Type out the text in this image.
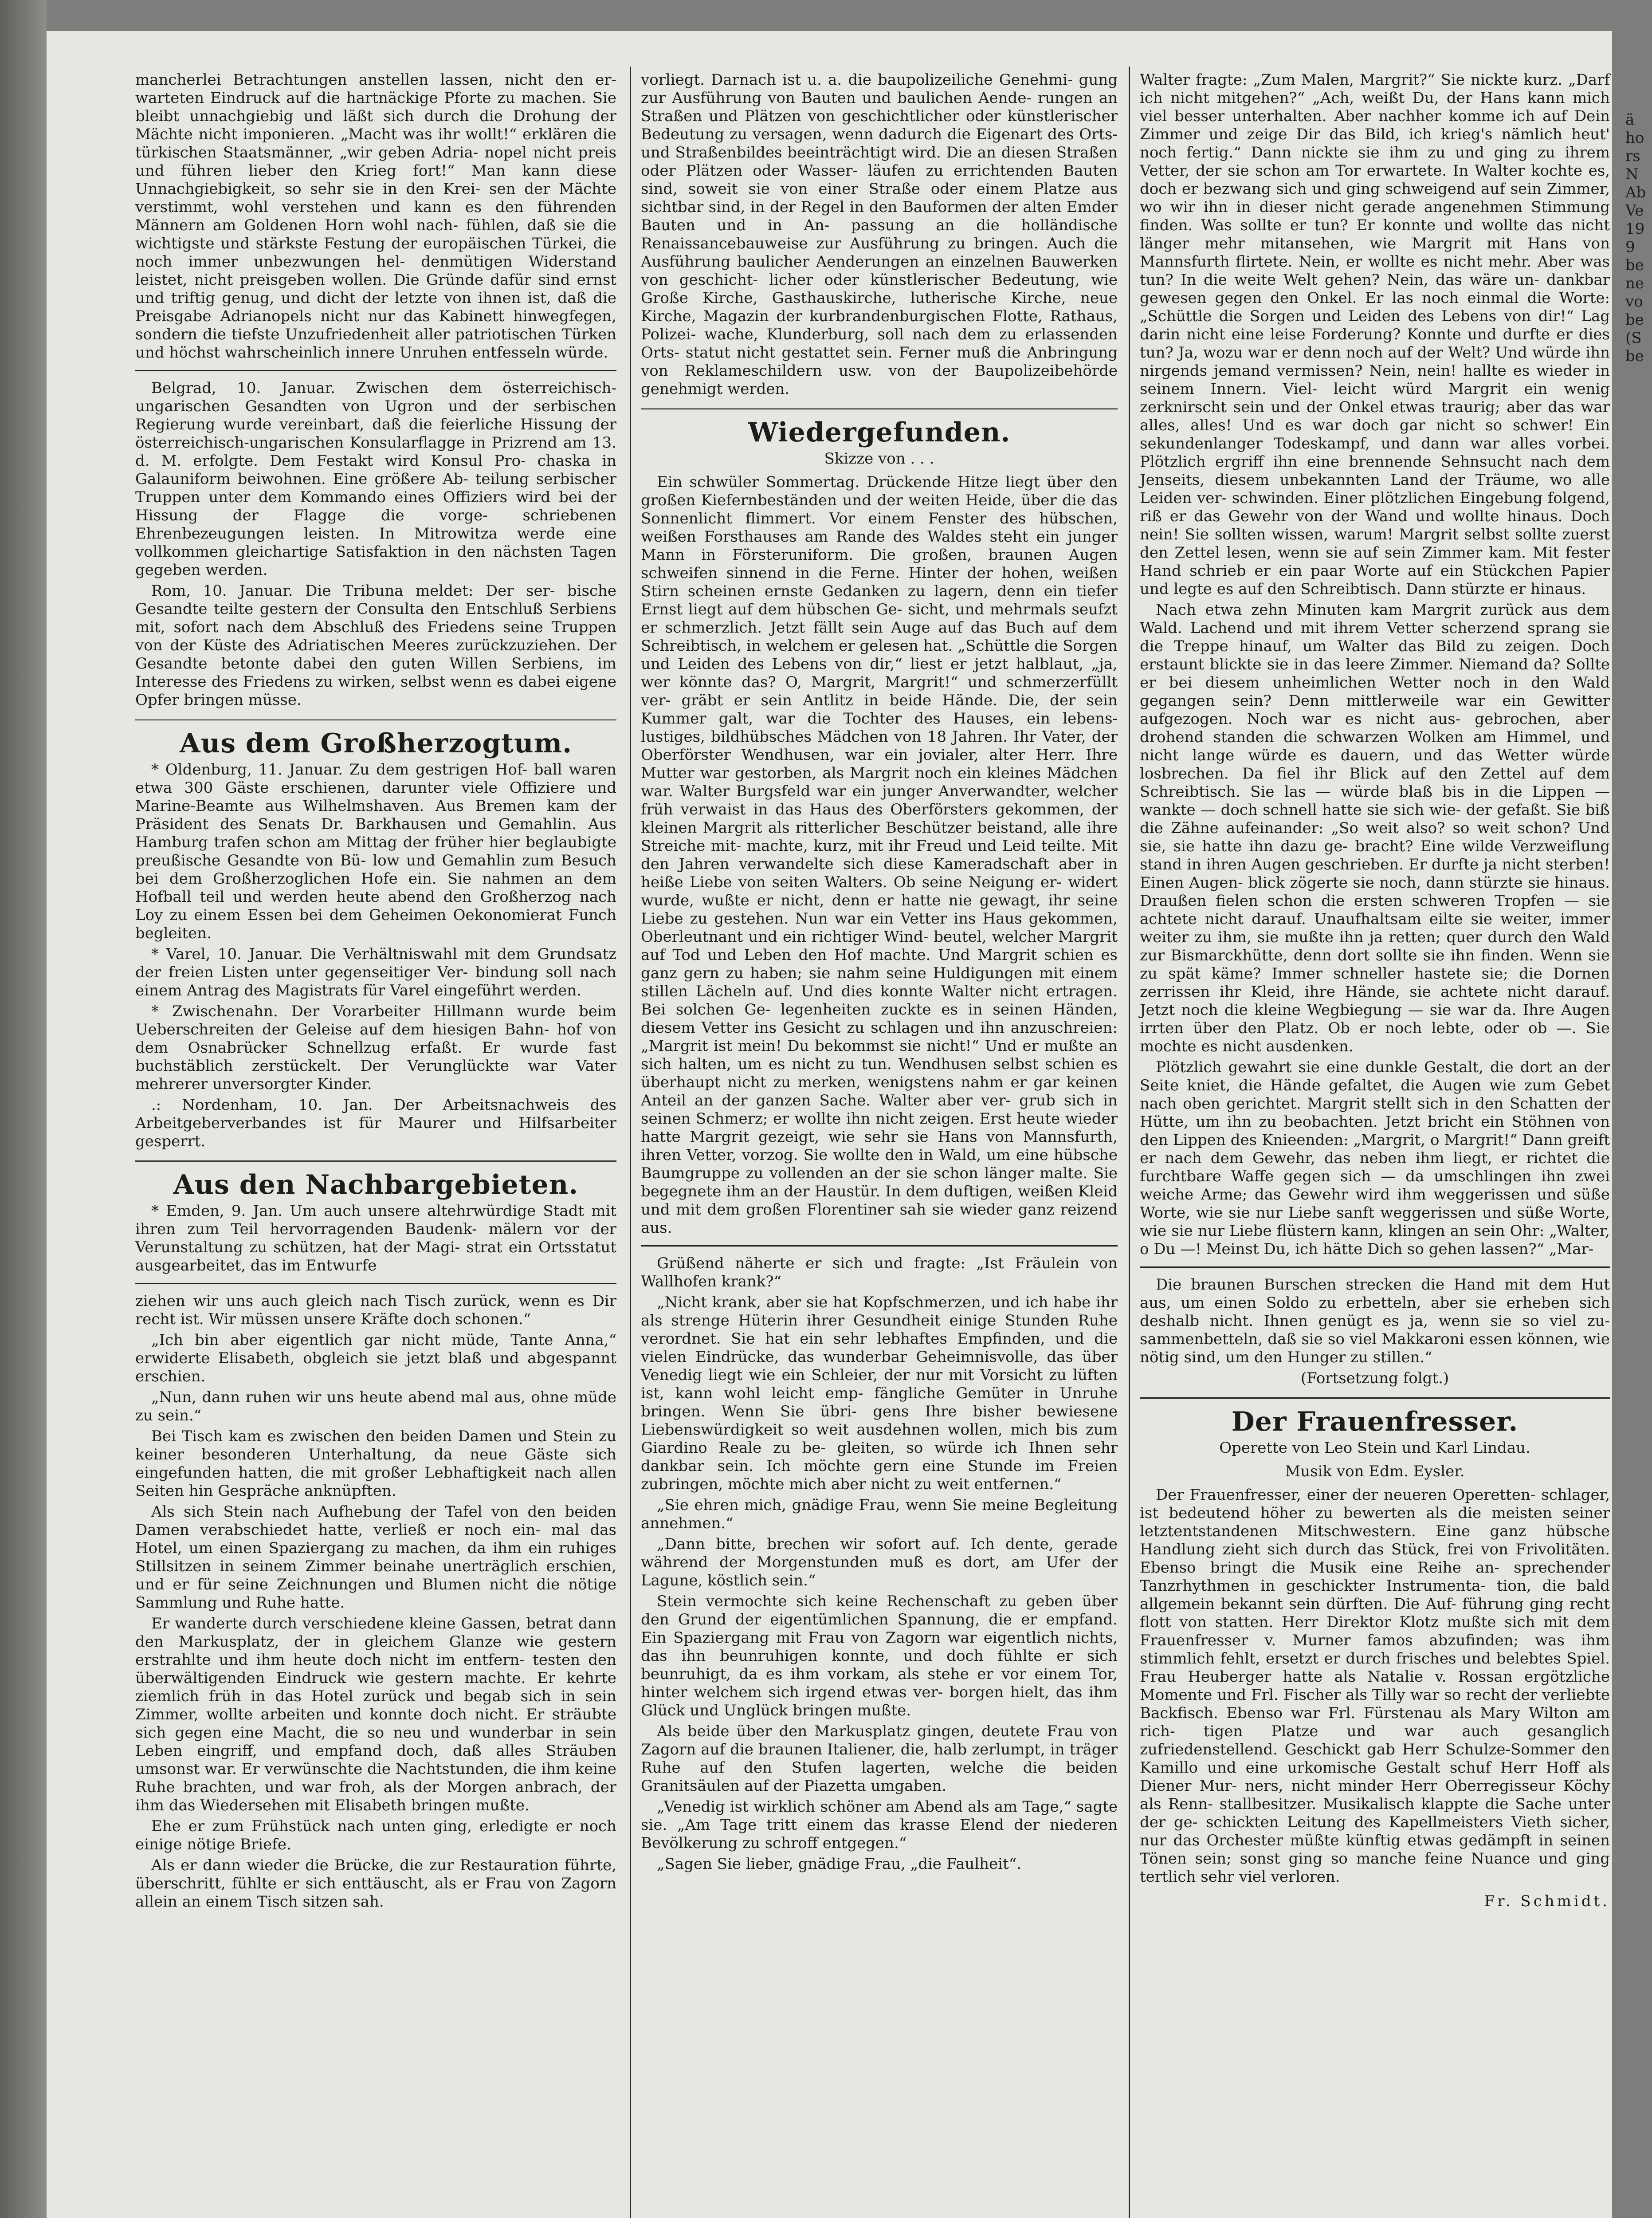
mancherlei Betrachtungen anstellen lassen, nicht den er- warteten Eindruck auf die hartnäckige Pforte zu machen. Sie bleibt unnachgiebig und läßt sich durch die Drohung der Mächte nicht imponieren. „Macht was ihr wollt!“ erklären die türkischen Staatsmänner, „wir geben Adria- nopel nicht preis und führen lieber den Krieg fort!“ Man kann diese Unnachgiebigkeit, so sehr sie in den Krei- sen der Mächte verstimmt, wohl verstehen und kann es den führenden Männern am Goldenen Horn wohl nach- fühlen, daß sie die wichtigste und stärkste Festung der europäischen Türkei, die noch immer unbezwungen hel- denmütigen Widerstand leistet, nicht preisgeben wollen. Die Gründe dafür sind ernst und triftig genug, und dicht der letzte von ihnen ist, daß die Preisgabe Adrianopels nicht nur das Kabinett hinwegfegen, sondern die tiefste Unzufriedenheit aller patriotischen Türken und höchst wahrscheinlich innere Unruhen entfesseln würde.

Belgrad, 10. Januar. Zwischen dem österreichisch- ungarischen Gesandten von Ugron und der serbischen Regierung wurde vereinbart, daß die feierliche Hissung der österreichisch-ungarischen Konsularflagge in Prizrend am 13. d. M. erfolgte. Dem Festakt wird Konsul Pro- chaska in Galauniform beiwohnen. Eine größere Ab- teilung serbischer Truppen unter dem Kommando eines Offiziers wird bei der Hissung der Flagge die vorge- schriebenen Ehrenbezeugungen leisten. In Mitrowitza werde eine vollkommen gleichartige Satisfaktion in den nächsten Tagen gegeben werden.

Rom, 10. Januar. Die Tribuna meldet: Der ser- bische Gesandte teilte gestern der Consulta den Entschluß Serbiens mit, sofort nach dem Abschluß des Friedens seine Truppen von der Küste des Adriatischen Meeres zurückzuziehen. Der Gesandte betonte dabei den guten Willen Serbiens, im Interesse des Friedens zu wirken, selbst wenn es dabei eigene Opfer bringen müsse.

Aus dem Großherzogtum.

* Oldenburg, 11. Januar. Zu dem gestrigen Hof- ball waren etwa 300 Gäste erschienen, darunter viele Offiziere und Marine-Beamte aus Wilhelmshaven. Aus Bremen kam der Präsident des Senats Dr. Barkhausen und Gemahlin. Aus Hamburg trafen schon am Mittag der früher hier beglaubigte preußische Gesandte von Bü- low und Gemahlin zum Besuch bei dem Großherzoglichen Hofe ein. Sie nahmen an dem Hofball teil und werden heute abend den Großherzog nach Loy zu einem Essen bei dem Geheimen Oekonomierat Funch begleiten.

* Varel, 10. Januar. Die Verhältniswahl mit dem Grundsatz der freien Listen unter gegenseitiger Ver- bindung soll nach einem Antrag des Magistrats für Varel eingeführt werden.

* Zwischenahn. Der Vorarbeiter Hillmann wurde beim Ueberschreiten der Geleise auf dem hiesigen Bahn- hof von dem Osnabrücker Schnellzug erfaßt. Er wurde fast buchstäblich zerstückelt. Der Verunglückte war Vater mehrerer unversorgter Kinder.

.: Nordenham, 10. Jan. Der Arbeitsnachweis des Arbeitgeberverbandes ist für Maurer und Hilfsarbeiter gesperrt.

Aus den Nachbargebieten.

* Emden, 9. Jan. Um auch unsere altehrwürdige Stadt mit ihren zum Teil hervorragenden Baudenk- mälern vor der Verunstaltung zu schützen, hat der Magi- strat ein Ortsstatut ausgearbeitet, das im Entwurfe

ziehen wir uns auch gleich nach Tisch zurück, wenn es Dir recht ist. Wir müssen unsere Kräfte doch schonen.“

„Ich bin aber eigentlich gar nicht müde, Tante Anna,“ erwiderte Elisabeth, obgleich sie jetzt blaß und abgespannt erschien.

„Nun, dann ruhen wir uns heute abend mal aus, ohne müde zu sein.“

Bei Tisch kam es zwischen den beiden Damen und Stein zu keiner besonderen Unterhaltung, da neue Gäste sich eingefunden hatten, die mit großer Lebhaftigkeit nach allen Seiten hin Gespräche anknüpften.

Als sich Stein nach Aufhebung der Tafel von den beiden Damen verabschiedet hatte, verließ er noch ein- mal das Hotel, um einen Spaziergang zu machen, da ihm ein ruhiges Stillsitzen in seinem Zimmer beinahe unerträglich erschien, und er für seine Zeichnungen und Blumen nicht die nötige Sammlung und Ruhe hatte.

Er wanderte durch verschiedene kleine Gassen, betrat dann den Markusplatz, der in gleichem Glanze wie gestern erstrahlte und ihm heute doch nicht im entfern- testen den überwältigenden Eindruck wie gestern machte. Er kehrte ziemlich früh in das Hotel zurück und begab sich in sein Zimmer, wollte arbeiten und konnte doch nicht. Er sträubte sich gegen eine Macht, die so neu und wunderbar in sein Leben eingriff, und empfand doch, daß alles Sträuben umsonst war. Er verwünschte die Nachtstunden, die ihm keine Ruhe brachten, und war froh, als der Morgen anbrach, der ihm das Wiedersehen mit Elisabeth bringen mußte.

Ehe er zum Frühstück nach unten ging, erledigte er noch einige nötige Briefe.

Als er dann wieder die Brücke, die zur Restauration führte, überschritt, fühlte er sich enttäuscht, als er Frau von Zagorn allein an einem Tisch sitzen sah.

vorliegt. Darnach ist u. a. die baupolizeiliche Genehmi- gung zur Ausführung von Bauten und baulichen Aende- rungen an Straßen und Plätzen von geschichtlicher oder künstlerischer Bedeutung zu versagen, wenn dadurch die Eigenart des Orts- und Straßenbildes beeinträchtigt wird. Die an diesen Straßen oder Plätzen oder Wasser- läufen zu errichtenden Bauten sind, soweit sie von einer Straße oder einem Platze aus sichtbar sind, in der Regel in den Bauformen der alten Emder Bauten und in An- passung an die holländische Renaissancebauweise zur Ausführung zu bringen. Auch die Ausführung baulicher Aenderungen an einzelnen Bauwerken von geschicht- licher oder künstlerischer Bedeutung, wie Große Kirche, Gasthauskirche, lutherische Kirche, neue Kirche, Magazin der kurbrandenburgischen Flotte, Rathaus, Polizei- wache, Klunderburg, soll nach dem zu erlassenden Orts- statut nicht gestattet sein. Ferner muß die Anbringung von Reklameschildern usw. von der Baupolizeibehörde genehmigt werden.

Wiedergefunden.
Skizze von . . .

Ein schwüler Sommertag. Drückende Hitze liegt über den großen Kiefernbeständen und der weiten Heide, über die das Sonnenlicht flimmert. Vor einem Fenster des hübschen, weißen Forsthauses am Rande des Waldes steht ein junger Mann in Försteruniform. Die großen, braunen Augen schweifen sinnend in die Ferne. Hinter der hohen, weißen Stirn scheinen ernste Gedanken zu lagern, denn ein tiefer Ernst liegt auf dem hübschen Ge- sicht, und mehrmals seufzt er schmerzlich. Jetzt fällt sein Auge auf das Buch auf dem Schreibtisch, in welchem er gelesen hat. „Schüttle die Sorgen und Leiden des Lebens von dir,“ liest er jetzt halblaut, „ja, wer könnte das? O, Margrit, Margrit!“ und schmerzerfüllt ver- gräbt er sein Antlitz in beide Hände. Die, der sein Kummer galt, war die Tochter des Hauses, ein lebens- lustiges, bildhübsches Mädchen von 18 Jahren. Ihr Vater, der Oberförster Wendhusen, war ein jovialer, alter Herr. Ihre Mutter war gestorben, als Margrit noch ein kleines Mädchen war. Walter Burgsfeld war ein junger Anverwandter, welcher früh verwaist in das Haus des Oberförsters gekommen, der kleinen Margrit als ritterlicher Beschützer beistand, alle ihre Streiche mit- machte, kurz, mit ihr Freud und Leid teilte. Mit den Jahren verwandelte sich diese Kameradschaft aber in heiße Liebe von seiten Walters. Ob seine Neigung er- widert wurde, wußte er nicht, denn er hatte nie gewagt, ihr seine Liebe zu gestehen. Nun war ein Vetter ins Haus gekommen, Oberleutnant und ein richtiger Wind- beutel, welcher Margrit auf Tod und Leben den Hof machte. Und Margrit schien es ganz gern zu haben; sie nahm seine Huldigungen mit einem stillen Lächeln auf. Und dies konnte Walter nicht ertragen. Bei solchen Ge- legenheiten zuckte es in seinen Händen, diesem Vetter ins Gesicht zu schlagen und ihn anzuschreien: „Margrit ist mein! Du bekommst sie nicht!“ Und er mußte an sich halten, um es nicht zu tun. Wendhusen selbst schien es überhaupt nicht zu merken, wenigstens nahm er gar keinen Anteil an der ganzen Sache. Walter aber ver- grub sich in seinen Schmerz; er wollte ihn nicht zeigen. Erst heute wieder hatte Margrit gezeigt, wie sehr sie Hans von Mannsfurth, ihren Vetter, vorzog. Sie wollte den in Wald, um eine hübsche Baumgruppe zu vollenden an der sie schon länger malte. Sie begegnete ihm an der Haustür. In dem duftigen, weißen Kleid und mit dem großen Florentiner sah sie wieder ganz reizend aus.

Grüßend näherte er sich und fragte: „Ist Fräulein von Wallhofen krank?“

„Nicht krank, aber sie hat Kopfschmerzen, und ich habe ihr als strenge Hüterin ihrer Gesundheit einige Stunden Ruhe verordnet. Sie hat ein sehr lebhaftes Empfinden, und die vielen Eindrücke, das wunderbar Geheimnisvolle, das über Venedig liegt wie ein Schleier, der nur mit Vorsicht zu lüften ist, kann wohl leicht emp- fängliche Gemüter in Unruhe bringen. Wenn Sie übri- gens Ihre bisher bewiesene Liebenswürdigkeit so weit ausdehnen wollen, mich bis zum Giardino Reale zu be- gleiten, so würde ich Ihnen sehr dankbar sein. Ich möchte gern eine Stunde im Freien zubringen, möchte mich aber nicht zu weit entfernen.“

„Sie ehren mich, gnädige Frau, wenn Sie meine Begleitung annehmen.“

„Dann bitte, brechen wir sofort auf. Ich dente, gerade während der Morgenstunden muß es dort, am Ufer der Lagune, köstlich sein.“

Stein vermochte sich keine Rechenschaft zu geben über den Grund der eigentümlichen Spannung, die er empfand. Ein Spaziergang mit Frau von Zagorn war eigentlich nichts, das ihn beunruhigen konnte, und doch fühlte er sich beunruhigt, da es ihm vorkam, als stehe er vor einem Tor, hinter welchem sich irgend etwas ver- borgen hielt, das ihm Glück und Unglück bringen mußte.

Als beide über den Markusplatz gingen, deutete Frau von Zagorn auf die braunen Italiener, die, halb zerlumpt, in träger Ruhe auf den Stufen lagerten, welche die beiden Granitsäulen auf der Piazetta umgaben.

„Venedig ist wirklich schöner am Abend als am Tage,“ sagte sie. „Am Tage tritt einem das krasse Elend der niederen Bevölkerung zu schroff entgegen.“

„Sagen Sie lieber, gnädige Frau, „die Faulheit“.

Walter fragte: „Zum Malen, Margrit?“ Sie nickte kurz. „Darf ich nicht mitgehen?“ „Ach, weißt Du, der Hans kann mich viel besser unterhalten. Aber nachher komme ich auf Dein Zimmer und zeige Dir das Bild, ich krieg's nämlich heut' noch fertig.“ Dann nickte sie ihm zu und ging zu ihrem Vetter, der sie schon am Tor erwartete. In Walter kochte es, doch er bezwang sich und ging schweigend auf sein Zimmer, wo wir ihn in dieser nicht gerade angenehmen Stimmung finden. Was sollte er tun? Er konnte und wollte das nicht länger mehr mitansehen, wie Margrit mit Hans von Mannsfurth flirtete. Nein, er wollte es nicht mehr. Aber was tun? In die weite Welt gehen? Nein, das wäre un- dankbar gewesen gegen den Onkel. Er las noch einmal die Worte: „Schüttle die Sorgen und Leiden des Lebens von dir!“ Lag darin nicht eine leise Forderung? Konnte und durfte er dies tun? Ja, wozu war er denn noch auf der Welt? Und würde ihn nirgends jemand vermissen? Nein, nein! hallte es wieder in seinem Innern. Viel- leicht würd Margrit ein wenig zerknirscht sein und der Onkel etwas traurig; aber das war alles, alles! Und es war doch gar nicht so schwer! Ein sekundenlanger Todeskampf, und dann war alles vorbei. Plötzlich ergriff ihn eine brennende Sehnsucht nach dem Jenseits, diesem unbekannten Land der Träume, wo alle Leiden ver- schwinden. Einer plötzlichen Eingebung folgend, riß er das Gewehr von der Wand und wollte hinaus. Doch nein! Sie sollten wissen, warum! Margrit selbst sollte zuerst den Zettel lesen, wenn sie auf sein Zimmer kam. Mit fester Hand schrieb er ein paar Worte auf ein Stückchen Papier und legte es auf den Schreibtisch. Dann stürzte er hinaus.

Nach etwa zehn Minuten kam Margrit zurück aus dem Wald. Lachend und mit ihrem Vetter scherzend sprang sie die Treppe hinauf, um Walter das Bild zu zeigen. Doch erstaunt blickte sie in das leere Zimmer. Niemand da? Sollte er bei diesem unheimlichen Wetter noch in den Wald gegangen sein? Denn mittlerweile war ein Gewitter aufgezogen. Noch war es nicht aus- gebrochen, aber drohend standen die schwarzen Wolken am Himmel, und nicht lange würde es dauern, und das Wetter würde losbrechen. Da fiel ihr Blick auf den Zettel auf dem Schreibtisch. Sie las — würde blaß bis in die Lippen — wankte — doch schnell hatte sie sich wie- der gefaßt. Sie biß die Zähne aufeinander: „So weit also? so weit schon? Und sie, sie hatte ihn dazu ge- bracht? Eine wilde Verzweiflung stand in ihren Augen geschrieben. Er durfte ja nicht sterben! Einen Augen- blick zögerte sie noch, dann stürzte sie hinaus. Draußen fielen schon die ersten schweren Tropfen — sie achtete nicht darauf. Unaufhaltsam eilte sie weiter, immer weiter zu ihm, sie mußte ihn ja retten; quer durch den Wald zur Bismarckhütte, denn dort sollte sie ihn finden. Wenn sie zu spät käme? Immer schneller hastete sie; die Dornen zerrissen ihr Kleid, ihre Hände, sie achtete nicht darauf. Jetzt noch die kleine Wegbiegung — sie war da. Ihre Augen irrten über den Platz. Ob er noch lebte, oder ob —. Sie mochte es nicht ausdenken.

Plötzlich gewahrt sie eine dunkle Gestalt, die dort an der Seite kniet, die Hände gefaltet, die Augen wie zum Gebet nach oben gerichtet. Margrit stellt sich in den Schatten der Hütte, um ihn zu beobachten. Jetzt bricht ein Stöhnen von den Lippen des Knieenden: „Margrit, o Margrit!“ Dann greift er nach dem Gewehr, das neben ihm liegt, er richtet die furchtbare Waffe gegen sich — da umschlingen ihn zwei weiche Arme; das Gewehr wird ihm weggerissen und süße Worte, wie sie nur Liebe sanft weggerissen und süße Worte, wie sie nur Liebe flüstern kann, klingen an sein Ohr: „Walter, o Du —! Meinst Du, ich hätte Dich so gehen lassen?“ „Mar-

Die braunen Burschen strecken die Hand mit dem Hut aus, um einen Soldo zu erbetteln, aber sie erheben sich deshalb nicht. Ihnen genügt es ja, wenn sie so viel zu- sammenbetteln, daß sie so viel Makkaroni essen können, wie nötig sind, um den Hunger zu stillen.“

(Fortsetzung folgt.)
Der Frauenfresser.
Operette von Leo Stein und Karl Lindau.
Musik von Edm. Eysler.

Der Frauenfresser, einer der neueren Operetten- schlager, ist bedeutend höher zu bewerten als die meisten seiner letztentstandenen Mitschwestern. Eine ganz hübsche Handlung zieht sich durch das Stück, frei von Frivolitäten. Ebenso bringt die Musik eine Reihe an- sprechender Tanzrhythmen in geschickter Instrumenta- tion, die bald allgemein bekannt sein dürften. Die Auf- führung ging recht flott von statten. Herr Direktor Klotz mußte sich mit dem Frauenfresser v. Murner famos abzufinden; was ihm stimmlich fehlt, ersetzt er durch frisches und belebtes Spiel. Frau Heuberger hatte als Natalie v. Rossan ergötzliche Momente und Frl. Fischer als Tilly war so recht der verliebte Backfisch. Ebenso war Frl. Fürstenau als Mary Wilton am rich- tigen Platze und war auch gesanglich zufriedenstellend. Geschickt gab Herr Schulze-Sommer den Kamillo und eine urkomische Gestalt schuf Herr Hoff als Diener Mur- ners, nicht minder Herr Oberregisseur Köchy als Renn- stallbesitzer. Musikalisch klappte die Sache unter der ge- schickten Leitung des Kapellmeisters Vieth sicher, nur das Orchester müßte künftig etwas gedämpft in seinen Tönen sein; sonst ging so manche feine Nuance und ging tertlich sehr viel verloren.

Fr. Schmidt.
ä
ho
rs
N
Ab
Ve
19
9
be
ne
vo
be
(S
be
